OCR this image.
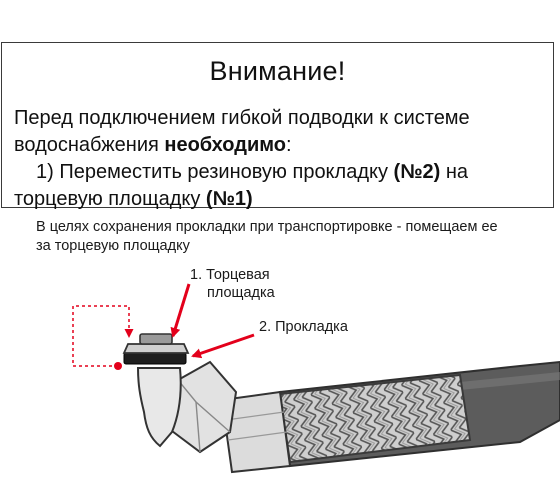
Внимание!
Перед подключением гибкой подводки к системе
водоснабжения необходимо:
1) Переместить резиновую прокладку (№2) на
торцевую площадку (№1)
В целях сохранения прокладки при транспортировке - помещаем ее
за торцевую площадку
1. Торцевая
площадка
2. Прокладка
